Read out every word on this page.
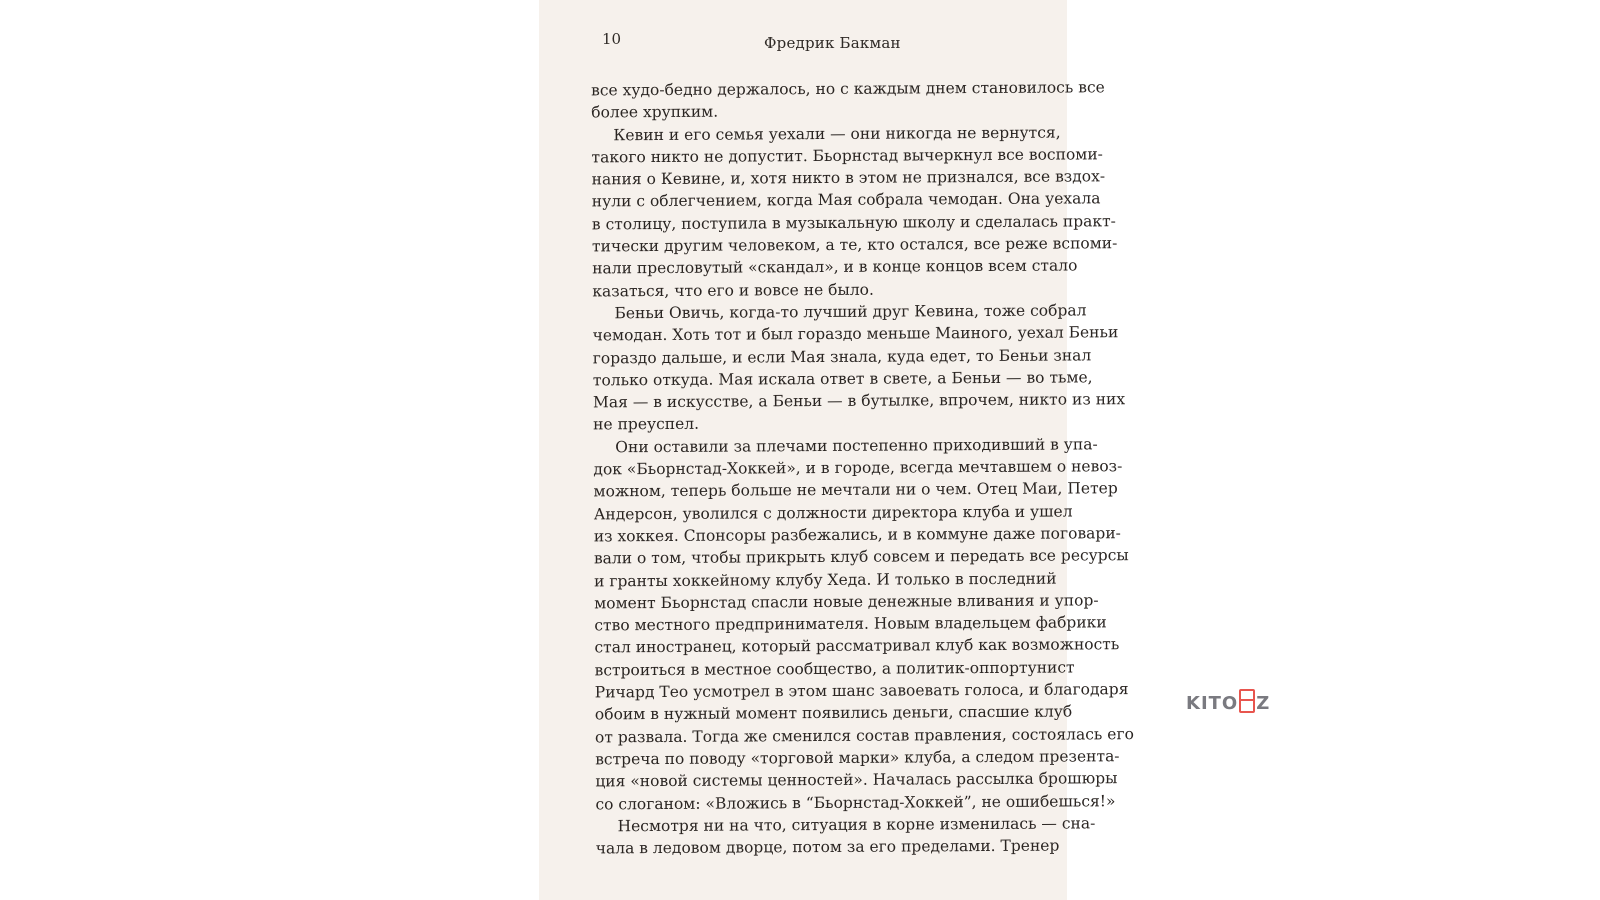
10	Фредрик Бакман
все худо-бедно держалось, но с каждым днем становилось все
более хрупким.
Кевин и его семья уехали — они никогда не вернутся,
такого никто не допустит. Бьорнстад вычеркнул все воспоми-
нания о Кевине, и, хотя никто в этом не признался, все вздох-
нули с облегчением, когда Мая собрала чемодан. Она уехала
в столицу, поступила в музыкальную школу и сделалась практ-
тически другим человеком, а те, кто остался, все реже вспоми-
нали пресловутый «скандал», и в конце концов всем стало
казаться, что его и вовсе не было.
Беньи Овичь, когда-то лучший друг Кевина, тоже собрал
чемодан. Хоть тот и был гораздо меньше Маиного, уехал Беньи
гораздо дальше, и если Мая знала, куда едет, то Беньи знал
только откуда. Мая искала ответ в свете, а Беньи — во тьме,
Мая — в искусстве, а Беньи — в бутылке, впрочем, никто из них
не преуспел.
Они оставили за плечами постепенно приходивший в упа-
док «Бьорнстад-Хоккей», и в городе, всегда мечтавшем о невоз-
можном, теперь больше не мечтали ни о чем. Отец Маи, Петер
Андерсон, уволился с должности директора клуба и ушел
из хоккея. Спонсоры разбежались, и в коммуне даже поговари-
вали о том, чтобы прикрыть клуб совсем и передать все ресурсы
и гранты хоккейному клубу Хеда. И только в последний
момент Бьорнстад спасли новые денежные вливания и упор-
ство местного предпринимателя. Новым владельцем фабрики
стал иностранец, который рассматривал клуб как возможность
встроиться в местное сообщество, а политик-оппортунист
Ричард Тео усмотрел в этом шанс завоевать голоса, и благодаря
обоим в нужный момент появились деньги, спасшие клуб
от развала. Тогда же сменился состав правления, состоялась его
встреча по поводу «торговой марки» клуба, а следом презента-
ция «новой системы ценностей». Началась рассылка брошюры
со слоганом: «Вложись в “Бьорнстад-Хоккей”, не ошибешься!»
Несмотря ни на что, ситуация в корне изменилась — сна-
чала в ледовом дворце, потом за его пределами. Тренер
KITO Z
